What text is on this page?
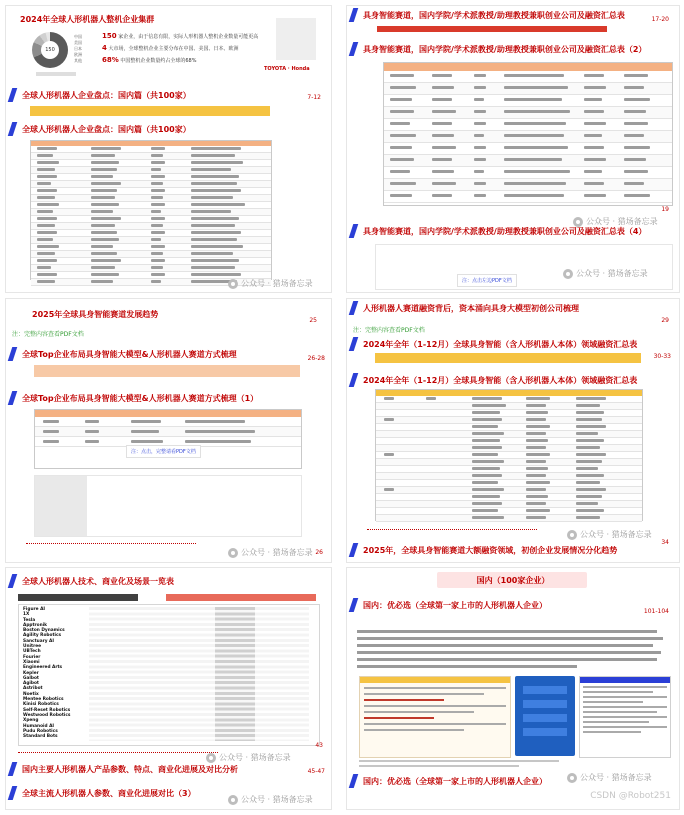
2024年全球人形机器人整机企业集群
150
中国
美国
日本
欧洲
其他
150 家企业，由于信息有限，实际人形机器人整机企业数量可能更高
4 大市场，全球整机企业主要分布在中国、美国、日本、欧洲
68% 中国整机企业数量约占全球的68%
TOYOTA · Honda
全球人形机器人企业盘点：国内篇（共100家）	7-12
全球人形机器人企业盘点：国内篇（共100家）
公众号 · 猎场备忘录
具身智能赛道，国内学院/学术派教授/助理教授兼职创业公司及融资汇总表	17-20
具身智能赛道，国内学院/学术派教授/助理教授兼职创业公司及融资汇总表（2）
19
公众号 · 猎场备忘录
具身智能赛道，国内学院/学术派教授/助理教授兼职创业公司及融资汇总表（4）
注：点击左边PDF文档
公众号 · 猎场备忘录
2025年全球具身智能赛道发展趋势
25
注：完整内容查看PDF文档
全球Top企业布局具身智能大模型&人形机器人赛道方式梳理	26-28
全球Top企业布局具身智能大模型&人形机器人赛道方式梳理（1）
注：点击，完整请看PDF文档
公众号 · 猎场备忘录 26
人形机器人赛道融资背后，资本涌向具身大模型初创公司梳理
29
注：完整内容查看PDF文档
2024年全年（1-12月）全球具身智能（含人形机器人本体）领域融资汇总表
30-33
2024年全年（1-12月）全球具身智能（含人形机器人本体）领域融资汇总表
公众号 · 猎场备忘录
2025年，全球具身智能赛道大额融资领域，初创企业发展情况分化趋势
34
全球人形机器人技术、商业化及场景一览表
Figure AI
1X
Tesla
Apptronik
Boston Dynamics
Agility Robotics
Sanctuary AI
Unitree
UBTech
Fourier
Xiaomi
Engineered Arts
Kepler
Galbot
Agibot
Astribot
Noetix
Mentee Robotics
Kinisi Robotics
Self-Reset Robotics
Westwood Robotics
Xpeng
Humanoid AI
Pudu Robotics
Standard Bots
公众号 · 猎场备忘录
43
国内主要人形机器人产品参数、特点、商业化进展及对比分析	45-47
全球主流人形机器人参数、商业化进展对比（3）
公众号 · 猎场备忘录
国内（100家企业）
国内：优必选（全球第一家上市的人形机器人企业）
101-104
国内：优必选（全球第一家上市的人形机器人企业）	公众号 · 猎场备忘录
CSDN @Robot251
